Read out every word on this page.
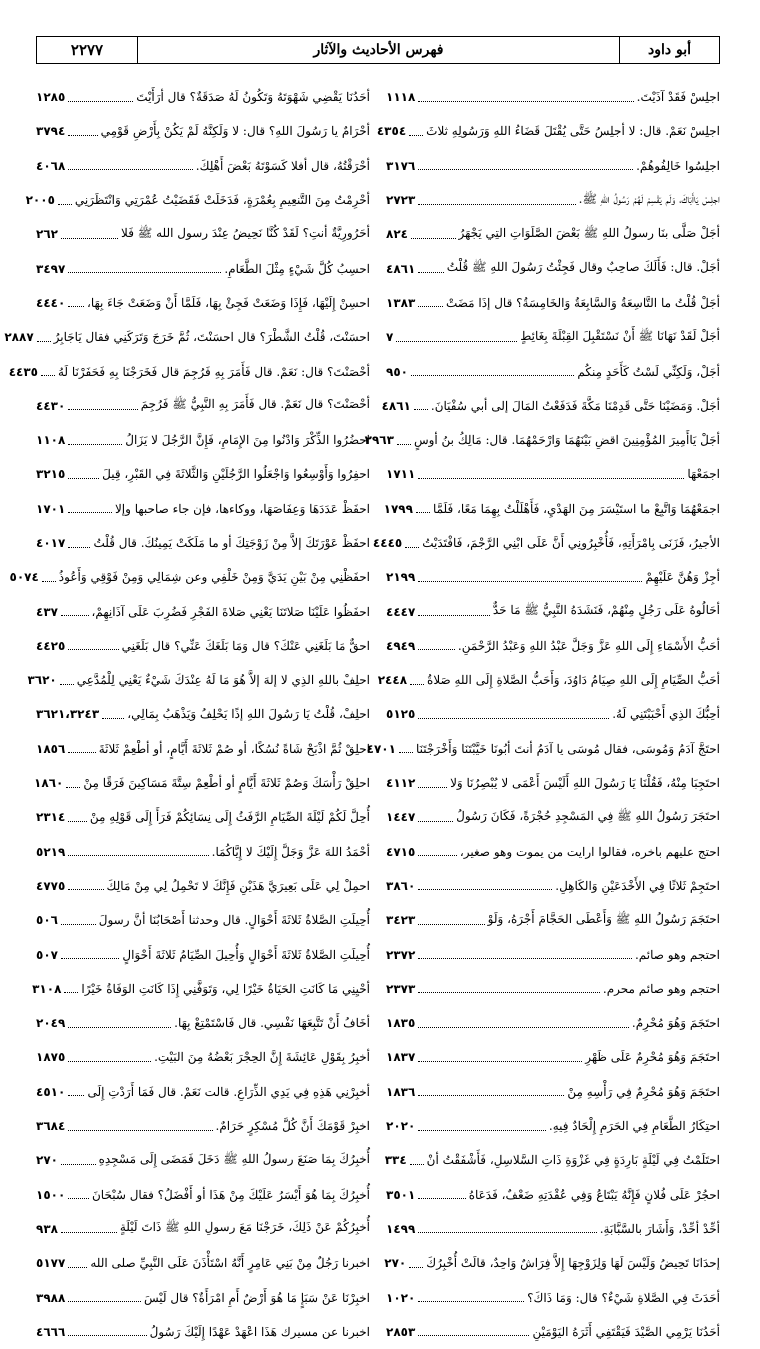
أبو داود
فهرس الأحاديث والآثار
٢٢٧٧
اجلِسْ فَقَدْ آذَيْتَ.
١١١٨
اجلِسْ نَعَمْ. قال: لا أجلِسُ حَتَّى يُقْتَلَ قَضَاءُ اللهِ وَرَسُولِهِ ثلاثَ
٤٣٥٤
اجلِسُوا خَالِفُوهُمْ.
٣١٧٦
اجلِسْ يَاأَبَاكَ، وَلَم يَقْسِمْ لَهُمْ رَسُولُ اللهِ ﷺ.
٢٧٢٣
أجَلْ صَلَّى بنَا رسولُ اللهِ ﷺ بَعْضَ الصَّلَوَاتِ التِي يَجْهَرُ
٨٢٤
أجَلْ. قال: فَأَلَكَ صاحِبٌ وقال فَجِئْتُ رَسُولَ اللهِ ﷺ قُلْتُ
٤٨٦١
أجَلْ قُلْتُ ما التَّاسِعَةُ وَالسَّابِعَةُ وَالخَامِسَةُ؟ قال إذَا مَضَتْ
١٣٨٣
أجَلْ لَقَدْ نَهَانَا ﷺ أَنْ نَسْتَقْبِلَ القِبْلَةَ بِغَائِطٍ
٧
أجَلْ، وَلَكِنِّي لَسْتُ كَأَحَدٍ مِنكُم
٩٥٠
أجَلْ. وَمَضَيْنَا حَتَّى قَدِمْنَا مَكَّةَ فَدَفَعْتُ المَالَ إلى أبي سُفْيَانَ.
٤٨٦١
أجَلْ يَاأَمِيرَ المُؤْمِنِينَ اقضِ بَيْنَهُمَا وَارْحَمْهُمَا. قال: مَالِكُ بنُ أوسٍ
٢٩٦٣
اجمَعْهَا
١٧١١
اجمَعْهُمَا وَاتَّبِعْ ما استَيْسَرَ مِنَ الهَدْيِ، فَأَهْلَلْتُ بِهِمَا مَعًا، فَلَمَّا
١٧٩٩
الأجيرُ، فَزَنَى بِامْرَأَتِهِ، فَأُخْبِرُونِي أَنَّ عَلَى ابْنِي الرَّجْمَ، فَافْتَدَيْتُ
٤٤٤٥
أجِزْ وَهُنَّ عَلَيْهِمْ
٢١٩٩
أحَالُوهُ عَلَى رَجُلٍ مِنْهُمْ، فَنَشَدَهُ النَّبِيُّ ﷺ مَا حَدٌّ
٤٤٤٧
أحَبُّ الأَسْمَاءِ إِلَى اللهِ عَزَّ وَجَلَّ عَبْدُ اللهِ وَعَبْدُ الرَّحْمَنِ.
٤٩٤٩
أحَبُّ الصِّيَامِ إِلَى اللهِ صِيَامُ دَاوُدَ، وَأَحَبُّ الصَّلاةِ إِلَى اللهِ صَلاةُ
٢٤٤٨
أحِبُّكَ الذِي أَحْبَبْتَنِي لَهُ.
٥١٢٥
احتَجَّ آدَمُ وَمُوسَى، فقال مُوسَى يا آدَمُ أنتَ أبُونَا خَيَّبْتَنَا وَأَخْرَجْتَنَا
٤٧٠١
احتَجِبَا مِنْهُ، فَقُلْنَا يَا رَسُولَ اللهِ أَلَيْسَ أَعْمَى لا يُبْصِرُنَا وَلا
٤١١٢
احتَجَرَ رَسُولُ اللهِ ﷺ فِي المَسْجِدِ حُجْرَةً، فَكَانَ رَسُولُ
١٤٤٧
احتج عليهم باخره، فقالوا ارايت من يموت وهو صغير،
٤٧١٥
احتَجِمْ ثَلاثًا فِي الأَخْدَعَيْنِ وَالكَاهِلِ.
٣٨٦٠
احتَجَمَ رَسُولُ اللهِ ﷺ وَأَعْطَى الحَجَّامَ أَجْرَهُ، وَلَوْ
٣٤٢٣
احتجم وهو صائم.
٢٣٧٢
احتجم وهو صائم محرم.
٢٣٧٣
احتَجَمَ وَهُوَ مُحْرِمٌ.
١٨٣٥
احتَجَمَ وَهُوَ مُحْرِمٌ عَلَى ظَهْرِ
١٨٣٧
احتَجَمَ وَهُوَ مُحْرِمٌ فِي رَأْسِهِ مِنْ
١٨٣٦
احتِكَارُ الطَّعَامِ فِي الحَرَمِ إِلْحَادٌ فِيهِ.
٢٠٢٠
احتَلَمْتُ فِي لَيْلَةٍ بَارِدَةٍ فِي غَزْوَةِ ذَاتِ السَّلاسِلِ، فَأَشْفَقْتُ أنْ
٣٣٤
احجُرْ عَلَى فُلانٍ فَإِنَّهُ يَبْتَاعُ وَفِي عُقْدَتِهِ ضَعْفٌ، فَدَعَاهُ
٣٥٠١
أحِّدْ أحِّدْ، وَأَشَارَ بالسَّبَّابَةِ.
١٤٩٩
إحدَانَا تَحِيضُ وَلَيْسَ لَهَا وَلِزَوْجِهَا إِلاَّ فِرَاشٌ وَاحِدٌ، قالَتْ أُخْبِرُكَ
٢٧٠
أحَدَثَ فِي الصَّلاةِ شَيْءٌ؟ قال: وَمَا ذَاكَ؟
١٠٢٠
أحَدُنَا يَرْمِي الصَّيْدَ فَيَقْتَفِي أَثَرَهُ اليَوْمَيْنِ
٢٨٥٣
أحَدُنَا يَقْضِي شَهْوَتَهُ وَتَكُونُ لَهُ صَدَقَةٌ؟ قال أرَأَيْتَ
١٢٨٥
أحْرَامٌ يا رَسُولَ اللهِ؟ قال: لا وَلَكِنَّهُ لَمْ يَكُنْ بِأَرْضِ قَوْمِي
٣٧٩٤
أحْرَقْتُهُ، قال أفلا كَسَوْتَهُ بَعْضَ أَهْلِكَ.
٤٠٦٨
أحْرِمْتُ مِنَ التَّنعِيمِ بِعُمْرَةٍ، فَدَخَلَتْ فَقَضَيْتُ عُمْرَتِي وَانْتَظَرَنِي
٢٠٠٥
أحَرُورِيَّةٌ أنتِ؟ لَقَدْ كُنَّا نَحِيضُ عِنْدَ رسول الله ﷺ فَلا
٢٦٢
احسِبُ كُلَّ شَيْءٍ مِثْلَ الطَّعَامِ.
٣٤٩٧
احسِنْ إِلَيْهَا، فَإِذَا وَضَعَتْ فَجِئْ بِهَا، فَلَمَّا أَنْ وَضَعَتْ جَاءَ بِهَا،
٤٤٤٠
احسَنْتَ، قُلْتُ الشَّطْرَ؟ قال احسَنْتَ، ثُمَّ خَرَجَ وَتَرَكَنِي فقال يَاجَابِرُ
٢٨٨٧
أحْصَنْتَ؟ قال: نَعَمْ. قال فَأَمَرَ بِهِ فَرُجِمَ قال فَخَرَجْنَا بِهِ فَحَفَرْنَا لَهُ
٤٤٣٥
أحْصَنْتَ؟ قال نَعَمْ. قال فَأَمَرَ بِهِ النَّبِيُّ ﷺ فَرُجِمَ
٤٤٣٠
احضُرُوا الذِّكْرَ وَادْنُوا مِنَ الإِمَامِ، فَإِنَّ الرَّجُلَ لا يَزَالُ
١١٠٨
احفِرُوا وَأَوْسِعُوا وَاجْعَلُوا الرَّجُلَيْنِ وَالثَّلاثَةَ فِي القَبْرِ، قِيلَ
٣٢١٥
احفَظْ عَدَدَهَا وَعِفَاصَهَا، ووكاءها، فإن جاء صاحبها وإلا
١٧٠١
احفَظْ عَوْرَتَكَ إلاَّ مِنْ زَوْجَتِكَ أو ما مَلَكَتْ يَمِينُكَ. قال قُلْتُ
٤٠١٧
احفَظْنِي مِنْ بَيْنِ يَدَيَّ وَمِنْ خَلْفِي وعن شِمَالِي وَمِنْ فَوْقِي وَأَعُوذُ
٥٠٧٤
احفَظُوا عَلَيْنَا صَلاتَنَا يَعْنِي صَلاةَ الفَجْرِ فَضُرِبَ عَلَى آذَانِهِمْ،
٤٣٧
احقٌّ مَا بَلَغَنِي عَنْكَ؟ قال وَمَا بَلَغَكَ عَنِّي؟ قال بَلَغَنِي
٤٤٢٥
احلِفْ باللهِ الذِي لا إلهَ إلاَّ هُوَ مَا لَهُ عِنْدَكَ شَيْءٌ يَعْنِي لِلْمُدَّعِي
٣٦٢٠
احلِفْ، قُلْتُ يَا رَسُولَ اللهِ إذًا يَحْلِفُ وَيَذْهَبُ بِمَالِي،
٣٦٢١،٣٢٤٣
احلِقْ ثُمَّ اذْبَحْ شَاةً نُسُكًا، أو صُمْ ثَلاثَةَ أَيَّامٍ، أو أطْعِمْ ثَلاثَةَ
١٨٥٦
احلِقْ رَأْسَكَ وَصُمْ ثَلاثَةَ أَيَّامٍ أو أطْعِمْ سِتَّةَ مَسَاكِينَ فَرَقًا مِنْ
١٨٦٠
أُحِلَّ لَكُمْ لَيْلَةَ الصِّيَامِ الرَّفَثُ إِلَى نِسَائِكُمْ فَرَأَ إِلَى قَوْلِهِ مِنْ
٢٣١٤
أحْمَدُ اللهَ عَزَّ وَجَلَّ إِلَيْكَ لا إِيَّاكُمَا.
٥٢١٩
احمِلْ لِي عَلَى بَعِيرَيَّ هَذَيْنِ فَإِنَّكَ لا تَحْمِلُ لِي مِنْ مَالِكَ
٤٧٧٥
أُحِيلَتِ الصَّلاةُ ثَلاثَةَ أَحْوَالٍ. قال وحدثنا أَصْحَابُنَا أنَّ رسولَ
٥٠٦
أُحِيلَتِ الصَّلاةُ ثَلاثَةَ أَحْوَالٍ وَأُحِيلَ الصِّيَامُ ثَلاثَةَ أَحْوَالٍ
٥٠٧
أحْيِنِي مَا كَانَتِ الحَيَاةُ خَيْرًا لِي، وَتَوَفَّنِي إِذَا كَانَتِ الوَفَاةُ خَيْرًا
٣١٠٨
أخَافُ أَنْ تَتَّبِعَهَا نَفْسِي. قال فَاسْتَمْتِعْ بِهَا.
٢٠٤٩
أخبِرُ بِقَوْلِ عَائِشَةَ إِنَّ الحِجْرَ بَعْضُهُ مِنَ البَيْتِ.
١٨٧٥
أخبِرْنِي هَذِهِ فِي يَدِي الذِّرَاعِ. قالت نَعَمْ. قال فَمَا أَرَدْتِ إِلَى
٤٥١٠
اخبِرْ قَوْمَكَ أَنَّ كُلَّ مُسْكِرٍ حَرَامٌ.
٣٦٨٤
أُخبِرُكَ بِمَا صَنَعَ رسولُ اللهِ ﷺ دَخَلَ فَمَضَى إِلَى مَسْجِدِهِ
٢٧٠
أُخبِرُكَ بِمَا هُوَ أَيْسَرُ عَلَيْكَ مِنْ هَذَا أو أَفْضَلُ؟ فقال سُبْحَانَ
١٥٠٠
أُخبِرُكُمْ عَنْ ذَلِكَ، خَرَجْنَا مَعَ رسولِ اللهِ ﷺ ذَاتَ لَيْلَةٍ
٩٣٨
اخبرنا رَجُلٌ مِنْ بَنِي عَامِرٍ أَنَّهُ اسْتَأْذَنَ عَلَى النَّبِيِّ صلى الله
٥١٧٧
اخبِرْنَا عَنْ سَبَإٍ مَا هُوَ أَرْضٌ أَمِ امْرَأَةٌ؟ قال لَيْسَ
٣٩٨٨
اخبرنا عن مسيرك هَذَا اعْهَدْ عَهْدًا إِلَيْكَ رَسُولُ
٤٦٦٦
